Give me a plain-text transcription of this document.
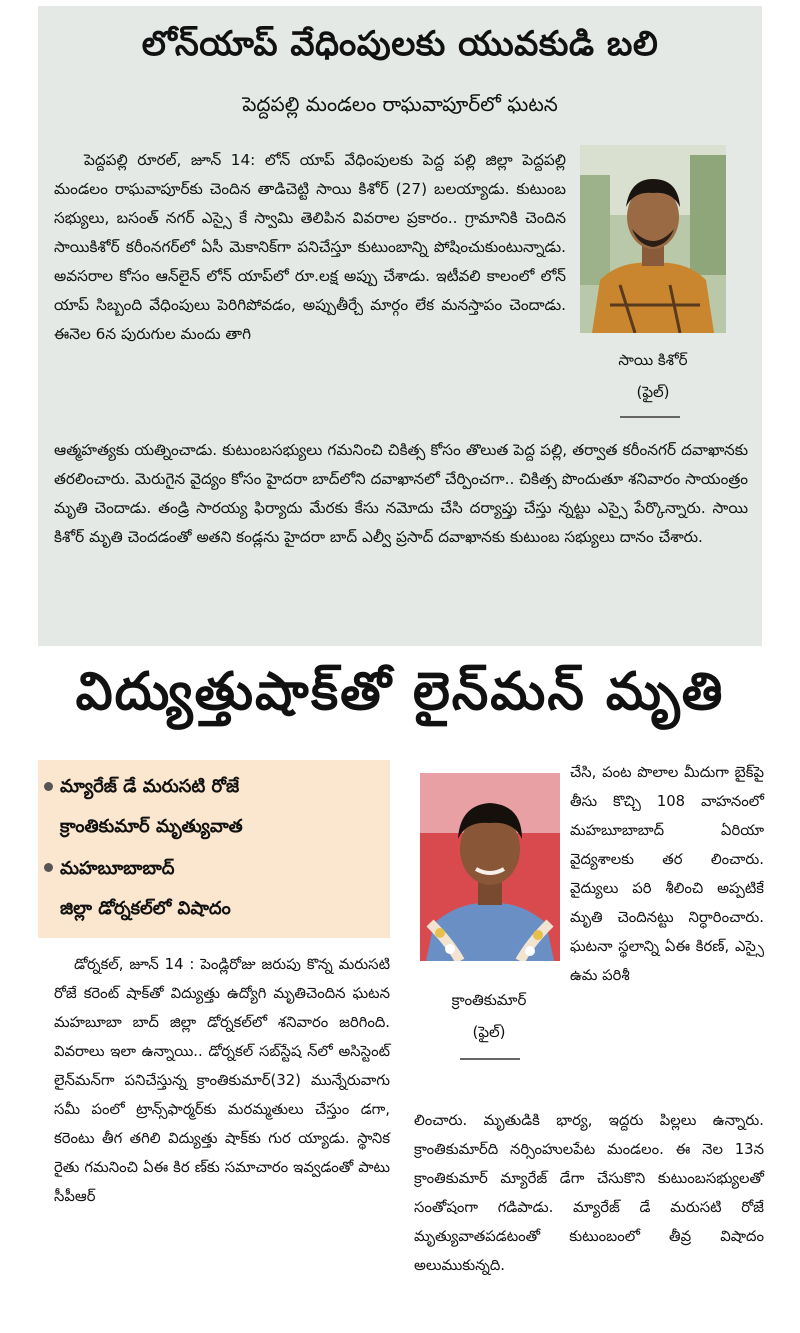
లోన్‌యాప్‌ వేధింపులకు యువకుడి బలి
పెద్దపల్లి మండలం రాఘవాపూర్‌లో ఘటన

పెద్దపల్లి రూరల్‌, జూన్‌ 14: లోన్‌ యాప్‌ వేధింపులకు పెద్ద పల్లి జిల్లా పెద్దపల్లి మండలం రాఘవాపూర్‌కు చెందిన తాడిచెట్టి సాయి కిశోర్‌ (27) బలయ్యాడు. కుటుంబ సభ్యులు, బసంత్‌ నగర్‌ ఎస్సై కే స్వామి తెలిపిన వివరాల ప్రకారం.. గ్రామానికి చెందిన సాయికిశోర్‌ కరీంనగర్‌లో ఏసీ మెకానిక్‌గా పనిచేస్తూ కుటుంబాన్ని పోషించుకుంటున్నాడు. అవసరాల కోసం ఆన్‌లైన్‌ లోన్‌ యాప్‌లో రూ.లక్ష అప్పు చేశాడు. ఇటీవలి కాలంలో లోన్‌ యాప్‌ సిబ్బంది వేధింపులు పెరిగిపోవడం, అప్పుతీర్చే మార్గం లేక మనస్తాపం చెందాడు. ఈనెల 6న పురుగుల మందు తాగి

ఆత్మహత్యకు యత్నించాడు. కుటుంబసభ్యులు గమనించి చికిత్స కోసం తొలుత పెద్ద పల్లి, తర్వాత కరీంనగర్‌ దవాఖానకు తరలించారు. మెరుగైన వైద్యం కోసం హైదరా బాద్‌లోని దవాఖానలో చేర్పించగా.. చికిత్స పొందుతూ శనివారం సాయంత్రం మృతి చెందాడు. తండ్రి సారయ్య ఫిర్యాదు మేరకు కేసు నమోదు చేసి దర్యాప్తు చేస్తు న్నట్టు ఎస్సై పేర్కొన్నారు. సాయి కిశోర్‌ మృతి చెందడంతో అతని కండ్లను హైదరా బాద్‌ ఎల్వీ ప్రసాద్‌ దవాఖానకు కుటుంబ సభ్యులు దానం చేశారు.

సాయి కిశోర్‌
(ఫైల్‌)
విద్యుత్తుషాక్‌తో లైన్‌మన్‌ మృతి
మ్యారేజ్‌ డే మరుసటి రోజే
క్రాంతికుమార్‌ మృత్యువాత
మహబూబాబాద్‌
జిల్లా డోర్నకల్‌లో విషాదం

డోర్నకల్‌, జూన్‌ 14 : పెండ్లిరోజు జరుపు కొన్న మరుసటి రోజే కరెంట్‌ షాక్‌తో విద్యుత్తు ఉద్యోగి మృతిచెందిన ఘటన మహబూబా బాద్‌ జిల్లా డోర్నకల్‌లో శనివారం జరిగింది. వివరాలు ఇలా ఉన్నాయి.. డోర్నకల్‌ సబ్‌స్టేష న్‌లో అసిస్టెంట్‌ లైన్‌మన్‌గా పనిచేస్తున్న క్రాంతికుమార్‌(32) మున్నేరువాగు సమీ పంలో ట్రాన్స్‌ఫార్మర్‌కు మరమ్మతులు చేస్తుం డగా, కరెంటు తీగ తగిలి విద్యుత్తు షాక్‌కు గుర య్యాడు. స్థానిక రైతు గమనించి ఏఈ కిర ణ్‌కు సమాచారం ఇవ్వడంతో పాటు సీపీఆర్‌

క్రాంతికుమార్‌
(ఫైల్‌)

చేసి, పంట పొలాల మీదుగా బైక్‌పై తీసు కొచ్చి 108 వాహనంలో మహబూబాబాద్‌ ఏరియా వైద్యశాలకు తర లించారు. వైద్యులు పరి శీలించి అప్పటికే మృతి చెందినట్టు నిర్ధారించారు. ఘటనా స్థలాన్ని ఏఈ కిరణ్‌, ఎస్సై ఉమ పరిశీ

లించారు. మృతుడికి భార్య, ఇద్దరు పిల్లలు ఉన్నారు. క్రాంతికుమార్‌ది నర్సింహులపేట మండలం. ఈ నెల 13న క్రాంతికుమార్‌ మ్యారేజ్‌ డేగా చేసుకొని కుటుంబసభ్యులతో సంతోషంగా గడిపాడు. మ్యారేజ్‌ డే మరుసటి రోజే మృత్యువాతపడటంతో కుటుంబంలో తీవ్ర విషాదం అలుముకున్నది.
